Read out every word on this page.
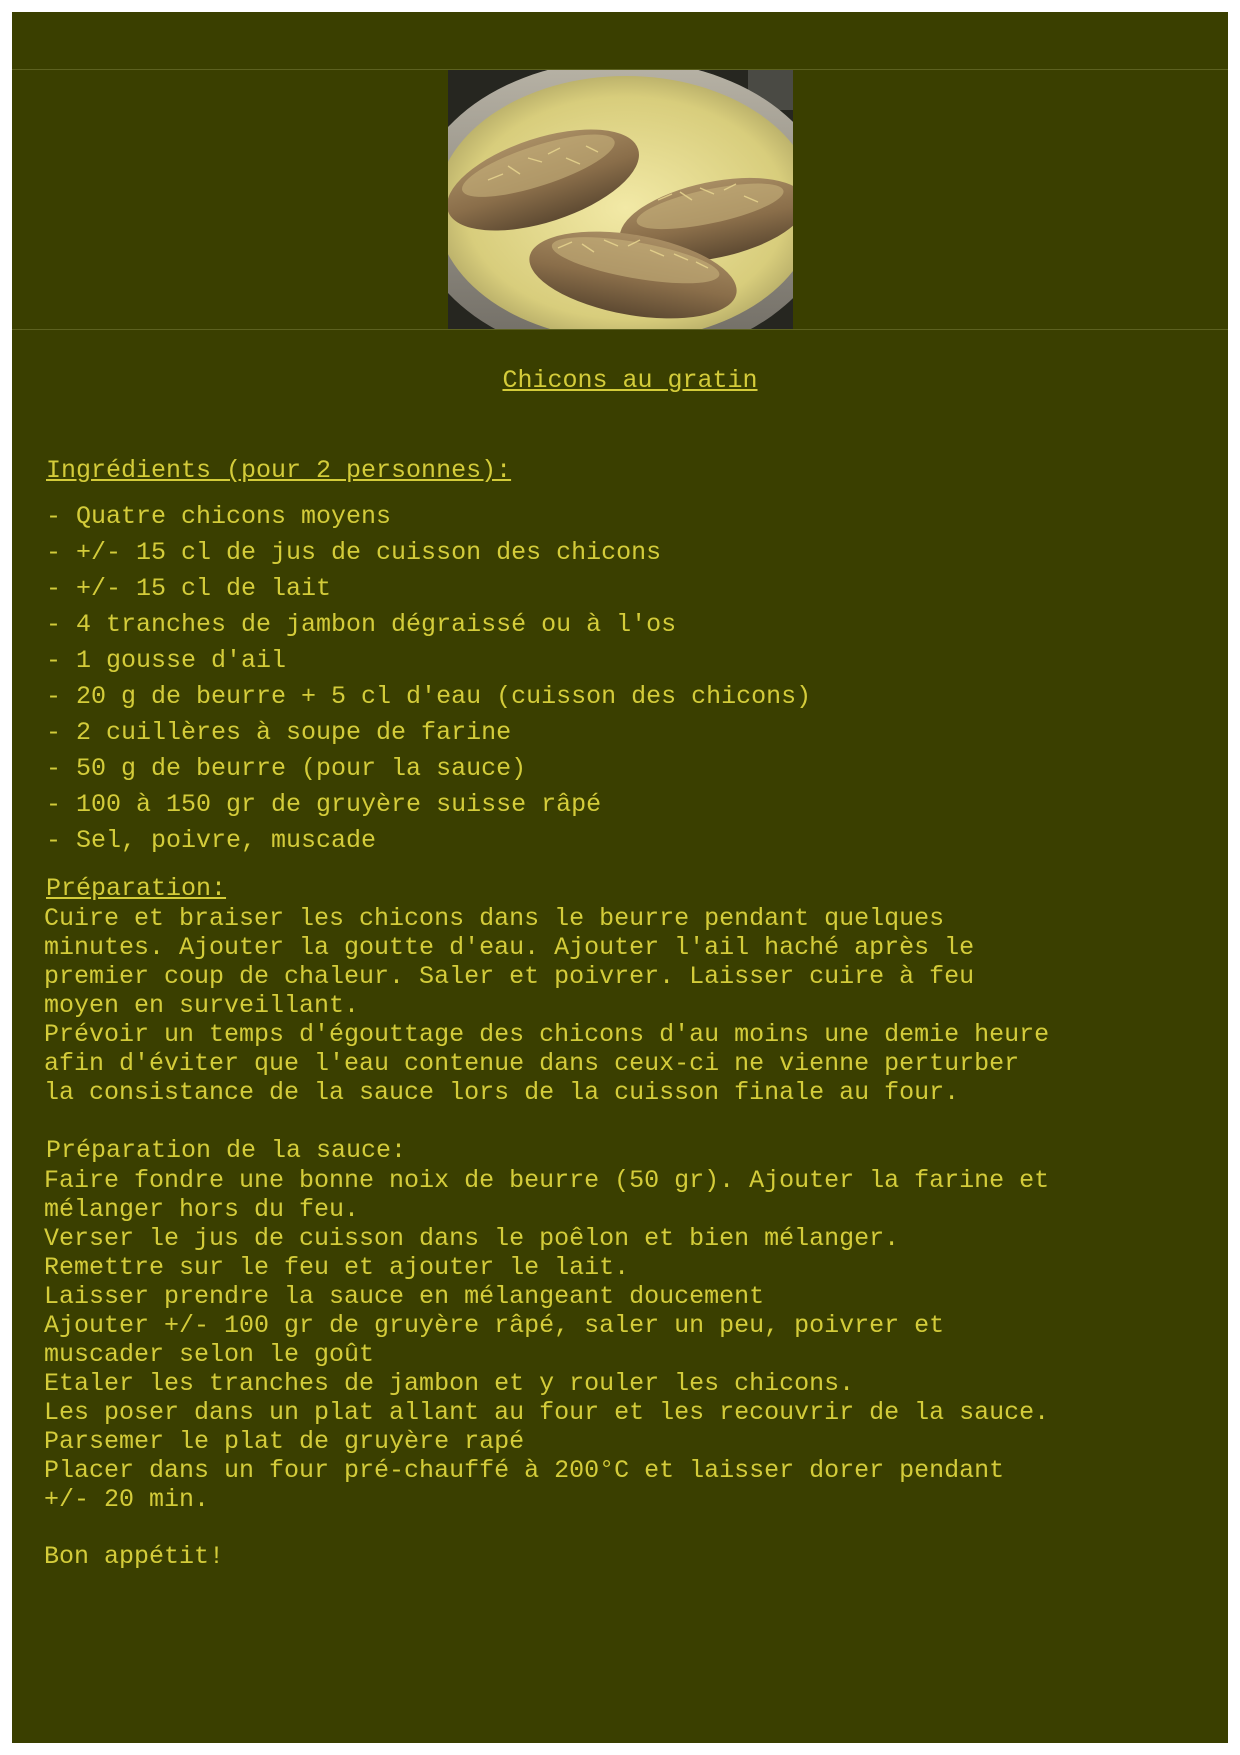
Chicons au gratin
Ingrédients (pour 2 personnes):
- Quatre chicons moyens
- +/- 15 cl de jus de cuisson des chicons
- +/- 15 cl de lait
- 4 tranches de jambon dégraissé ou à l'os
- 1 gousse d'ail
- 20 g de beurre + 5 cl d'eau (cuisson des chicons)
- 2 cuillères à soupe de farine
- 50 g de beurre (pour la sauce)
- 100 à 150 gr de gruyère suisse râpé
- Sel, poivre, muscade
Préparation:
Cuire et braiser les chicons dans le beurre pendant quelques
minutes. Ajouter la goutte d'eau. Ajouter l'ail haché après le
premier coup de chaleur. Saler et poivrer. Laisser cuire à feu
moyen en surveillant.
Prévoir un temps d'égouttage des chicons d'au moins une demie heure
afin d'éviter que l'eau contenue dans ceux-ci ne vienne perturber
la consistance de la sauce lors de la cuisson finale au four.
Préparation de la sauce:
Faire fondre une bonne noix de beurre (50 gr). Ajouter la farine et
mélanger hors du feu.
Verser le jus de cuisson dans le poêlon et bien mélanger.
Remettre sur le feu et ajouter le lait.
Laisser prendre la sauce en mélangeant doucement
Ajouter +/- 100 gr de gruyère râpé, saler un peu, poivrer et
muscader selon le goût
Etaler les tranches de jambon et y rouler les chicons.
Les poser dans un plat allant au four et les recouvrir de la sauce.
Parsemer le plat de gruyère rapé
Placer dans un four pré-chauffé à 200°C et laisser dorer pendant
+/- 20 min.
Bon appétit!
